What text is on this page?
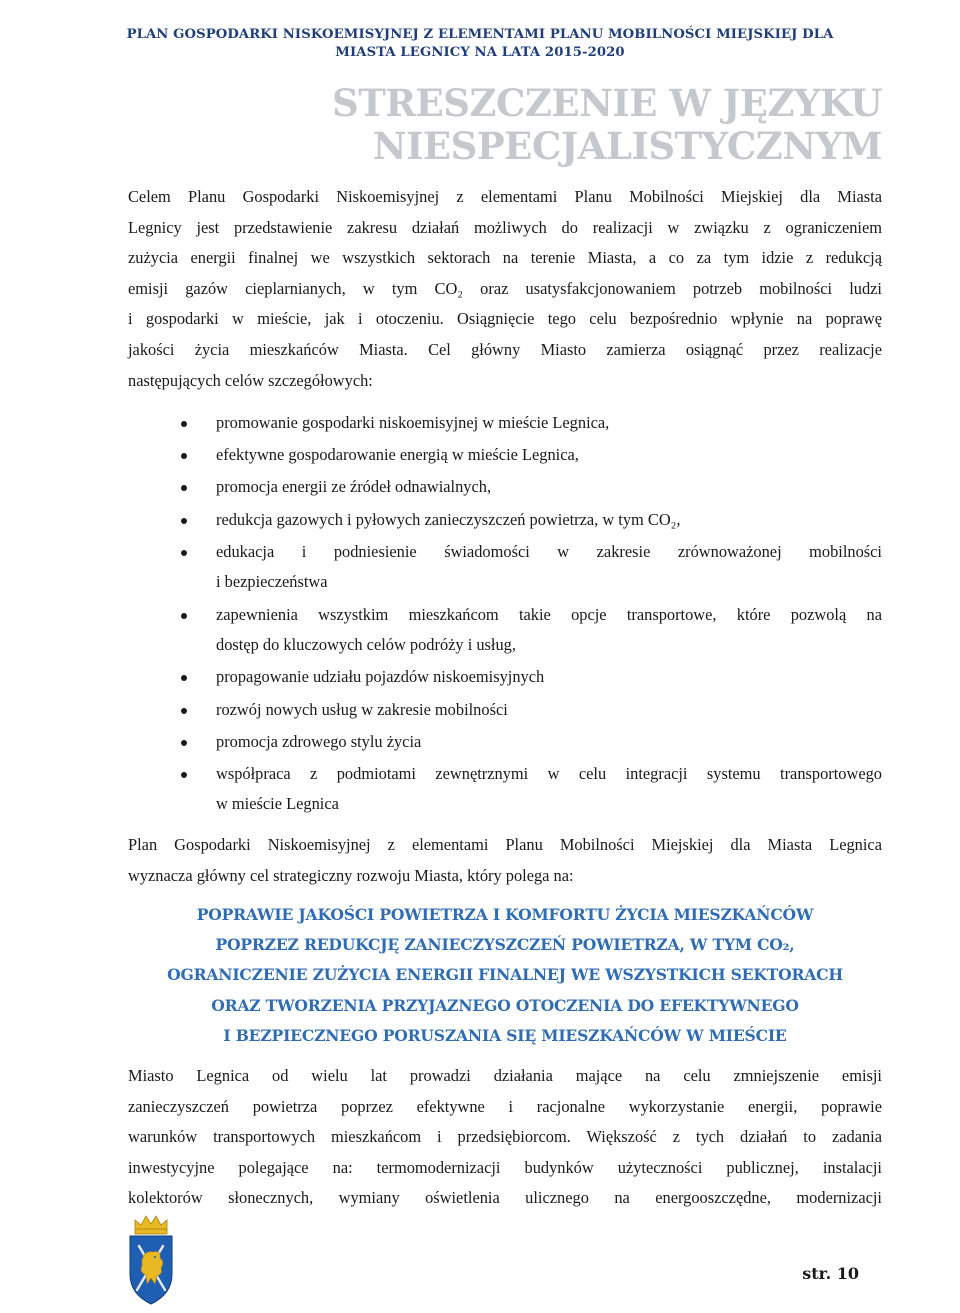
PLAN GOSPODARKI NISKOEMISYJNEJ Z ELEMENTAMI PLANU MOBILNOŚCI MIEJSKIEJ DLA
MIASTA LEGNICY NA LATA 2015-2020
STRESZCZENIE W JĘZYKU
NIESPECJALISTYCZNYM
Celem Planu Gospodarki Niskoemisyjnej z elementami Planu Mobilności Miejskiej dla Miasta
Legnicy jest przedstawienie zakresu działań możliwych do realizacji w związku z ograniczeniem
zużycia energii finalnej we wszystkich sektorach na terenie Miasta, a co za tym idzie z redukcją
emisji gazów cieplarnianych, w tym CO₂ oraz usatysfakcjonowaniem potrzeb mobilności ludzi
i gospodarki w mieście, jak i otoczeniu. Osiągnięcie tego celu bezpośrednio wpłynie na poprawę
jakości życia mieszkańców Miasta. Cel główny Miasto zamierza osiągnąć przez realizacje
następujących celów szczegółowych:
promowanie gospodarki niskoemisyjnej w mieście Legnica,
efektywne gospodarowanie energią w mieście Legnica,
promocja energii ze źródeł odnawialnych,
redukcja gazowych i pyłowych zanieczyszczeń powietrza, w tym CO₂,
edukacja i podniesienie świadomości w zakresie zrównoważonej mobilności
i bezpieczeństwa
zapewnienia wszystkim mieszkańcom takie opcje transportowe, które pozwolą na
dostęp do kluczowych celów podróży i usług,
propagowanie udziału pojazdów niskoemisyjnych
rozwój nowych usług w zakresie mobilności
promocja zdrowego stylu życia
współpraca z podmiotami zewnętrznymi w celu integracji systemu transportowego
w mieście Legnica
Plan Gospodarki Niskoemisyjnej z elementami Planu Mobilności Miejskiej dla Miasta Legnica
wyznacza główny cel strategiczny rozwoju Miasta, który polega na:
POPRAWIE JAKOŚCI POWIETRZA I KOMFORTU ŻYCIA MIESZKAŃCÓW
POPRZEZ REDUKCJĘ ZANIECZYSZCZEŃ POWIETRZA, W TYM CO₂,
OGRANICZENIE ZUŻYCIA ENERGII FINALNEJ WE WSZYSTKICH SEKTORACH
ORAZ TWORZENIA PRZYJAZNEGO OTOCZENIA DO EFEKTYWNEGO
I BEZPIECZNEGO PORUSZANIA SIĘ MIESZKAŃCÓW W MIEŚCIE
Miasto Legnica od wielu lat prowadzi działania mające na celu zmniejszenie emisji
zanieczyszczeń powietrza poprzez efektywne i racjonalne wykorzystanie energii, poprawie
warunków transportowych mieszkańcom i przedsiębiorcom. Większość z tych działań to zadania
inwestycyjne polegające na: termomodernizacji budynków użyteczności publicznej, instalacji
kolektorów słonecznych, wymiany oświetlenia ulicznego na energooszczędne, modernizacji
str. 10
